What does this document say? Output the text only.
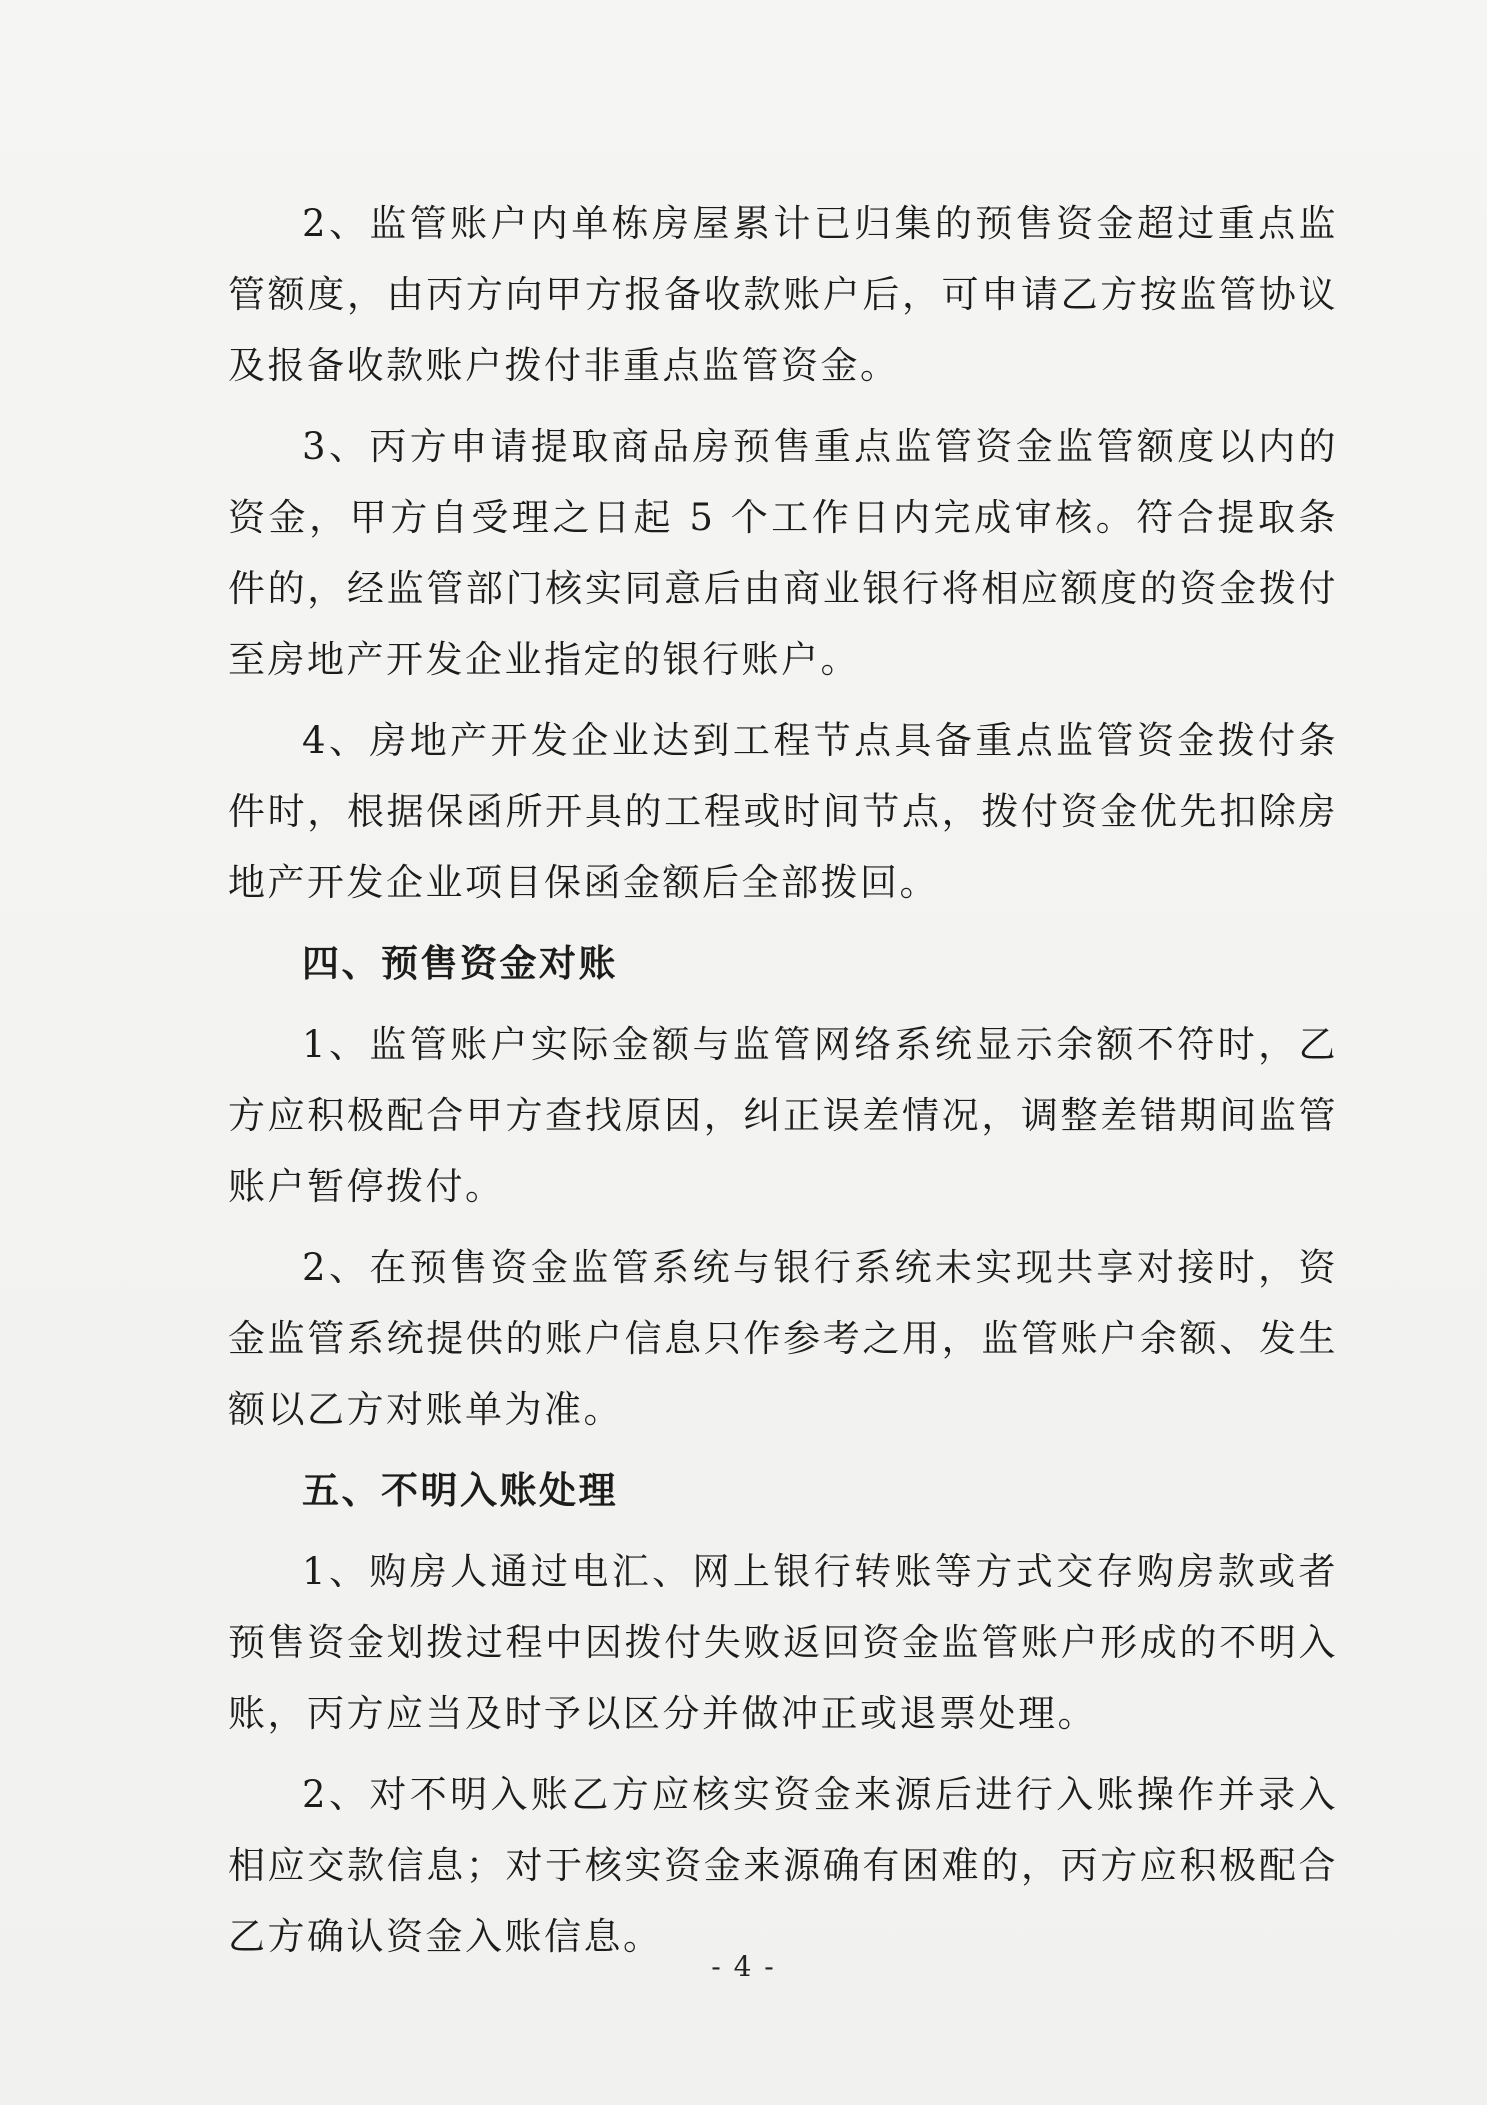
2、监管账户内单栋房屋累计已归集的预售资金超过重点监管额度，由丙方向甲方报备收款账户后，可申请乙方按监管协议及报备收款账户拨付非重点监管资金。

3、丙方申请提取商品房预售重点监管资金监管额度以内的资金，甲方自受理之日起 5 个工作日内完成审核。符合提取条件的，经监管部门核实同意后由商业银行将相应额度的资金拨付至房地产开发企业指定的银行账户。

4、房地产开发企业达到工程节点具备重点监管资金拨付条件时，根据保函所开具的工程或时间节点，拨付资金优先扣除房地产开发企业项目保函金额后全部拨回。

四、预售资金对账

1、监管账户实际金额与监管网络系统显示余额不符时，乙方应积极配合甲方查找原因，纠正误差情况，调整差错期间监管账户暂停拨付。

2、在预售资金监管系统与银行系统未实现共享对接时，资金监管系统提供的账户信息只作参考之用，监管账户余额、发生额以乙方对账单为准。

五、不明入账处理

1、购房人通过电汇、网上银行转账等方式交存购房款或者预售资金划拨过程中因拨付失败返回资金监管账户形成的不明入账，丙方应当及时予以区分并做冲正或退票处理。

2、对不明入账乙方应核实资金来源后进行入账操作并录入相应交款信息；对于核实资金来源确有困难的，丙方应积极配合乙方确认资金入账信息。

- 4 -
